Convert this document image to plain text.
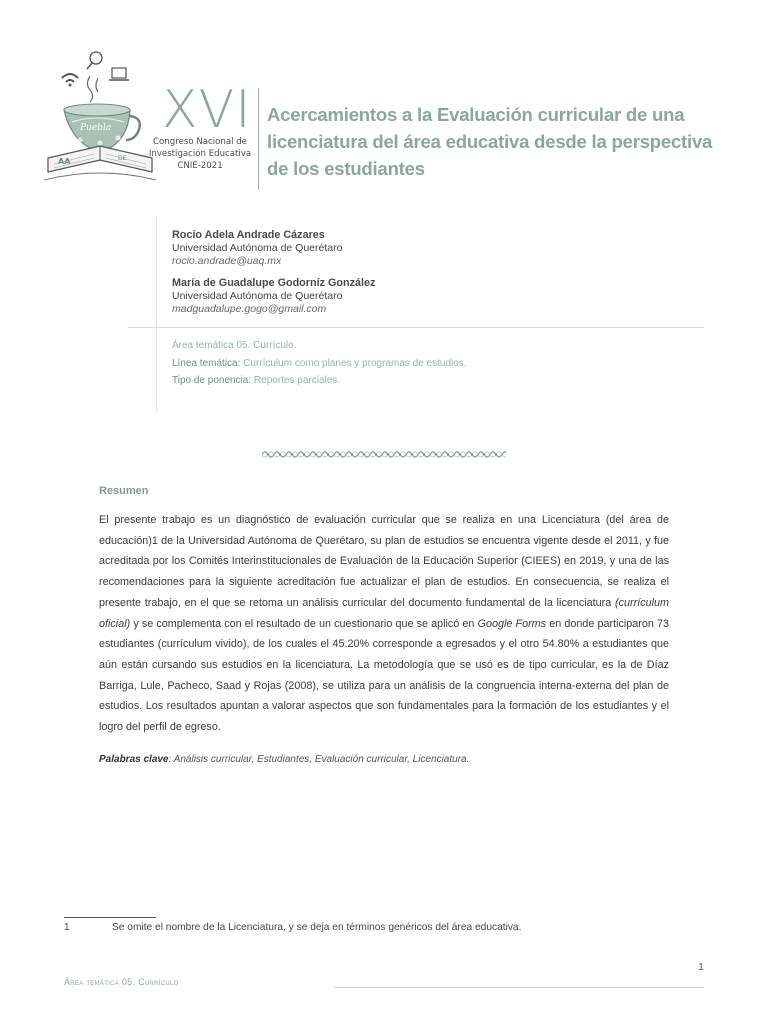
Puebla
AA	DE
XVI
Congreso Nacional de
Investigación Educativa
CNIE-2021
Acercamientos a la Evaluación curricular de una licenciatura del área educativa desde la perspectiva de los estudiantes
Rocío Adela Andrade Cázares
Universidad Autónoma de Querétaro
rocio.andrade@uaq.mx
María de Guadalupe Godorníz González
Universidad Autónoma de Querétaro
madguadalupe.gogo@gmail.com
Área temática 05. Currículo.
Línea temática: Currículum como planes y programas de estudios.
Tipo de ponencia: Reportes parciales.
Resumen

El presente trabajo es un diagnóstico de evaluación curricular que se realiza en una Licenciatura (del área de educación)1 de la Universidad Autónoma de Querétaro, su plan de estudios se encuentra vigente desde el 2011, y fue acreditada por los Comités Interinstitucionales de Evaluación de la Educación Superior (CIEES) en 2019, y una de las recomendaciones para la siguiente acreditación fue actualizar el plan de estudios. En consecuencia, se realiza el presente trabajo, en el que se retoma un análisis curricular del documento fundamental de la licenciatura (currículum oficial) y se complementa con el resultado de un cuestionario que se aplicó en Google Forms en donde participaron 73 estudiantes (currículum vivido), de los cuales el 45.20% corresponde a egresados y el otro 54.80% a estudiantes que aún están cursando sus estudios en la licenciatura. La metodología que se usó es de tipo curricular, es la de Díaz Barriga, Lule, Pacheco, Saad y Rojas (2008), se utiliza para un análisis de la congruencia interna-externa del plan de estudios. Los resultados apuntan a valorar aspectos que son fundamentales para la formación de los estudiantes y el logro del perfil de egreso.

Palabras clave: Análisis curricular, Estudiantes, Evaluación curricular, Licenciatura.

1	Se omite el nombre de la Licenciatura, y se deja en términos genéricos del área educativa.
1
Área temática 05. Currículo
